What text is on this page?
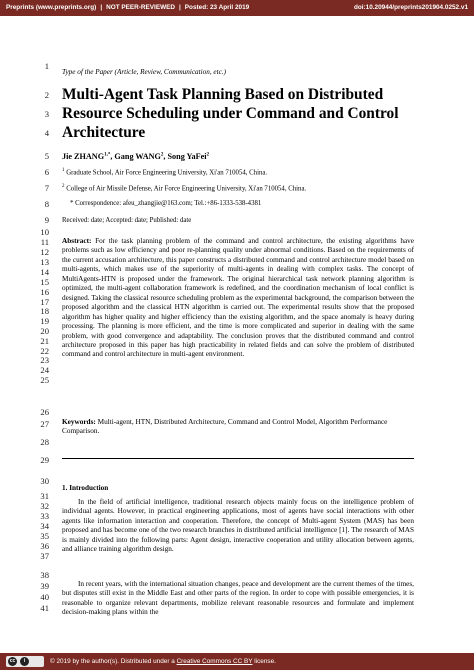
Preprints (www.preprints.org) | NOT PEER-REVIEWED | Posted: 23 April 2019	doi:10.20944/preprints201904.0252.v1
1
2
3
4
5
6
7
8
9
10
11
12
13
14
15
16
17
18
19
20
21
22
23
24
25
26
27
28
29
30
31
32
33
34
35
36
37
38
39
40
41
Type of the Paper (Article, Review, Communication, etc.)
Multi-Agent Task Planning Based on Distributed Resource Scheduling under Command and Control Architecture
Jie $ZHANG^{1,*}$, Gang WANG$^2$, Song YaFei$^2$
$^1$ Graduate School, Air Force Engineering University, Xi'an 710054, China.
$^2$ College of Air Missile Defense, Air Force Engineering University, Xi'an 710054, China.
* Correspondence: afeu_zhangjie@163.com; Tel.:+86-1333-538-4381
Received: date; Accepted: date; Published: date
Abstract: For the task planning problem of the command and control architecture, the existing algorithms have problems such as low efficiency and poor re-planning quality under abnormal conditions. Based on the requirements of the current accusation architecture, this paper constructs a distributed command and control architecture model based on multi-agents, which makes use of the superiority of multi-agents in dealing with complex tasks. The concept of MultiAgents-HTN is proposed under the framework. The original hierarchical task network planning algorithm is optimized, the multi-agent collaboration framework is redefined, and the coordination mechanism of local conflict is designed. Taking the classical resource scheduling problem as the experimental background, the comparison between the proposed algorithm and the classical HTN algorithm is carried out. The experimental results show that the proposed algorithm has higher quality and higher efficiency than the existing algorithm, and the space anomaly is heavy during processing. The planning is more efficient, and the time is more complicated and superior in dealing with the same problem, with good convergence and adaptability. The conclusion proves that the distributed command and control architecture proposed in this paper has high practicability in related fields and can solve the problem of distributed command and control architecture in multi-agent environment.
Keywords: Multi-agent, HTN, Distributed Architecture, Command and Control Model, Algorithm Performance Comparison.
1. Introduction
In the field of artificial intelligence, traditional research objects mainly focus on the intelligence problem of individual agents. However, in practical engineering applications, most of agents have social interactions with other agents like information interaction and cooperation. Therefore, the concept of Multi-agent System (MAS) has been proposed and has become one of the two research branches in distributed artificial intelligence [1]. The research of MAS is mainly divided into the following parts: Agent design, interactive cooperation and utility allocation between agents, and alliance training algorithm design.
In recent years, with the international situation changes, peace and development are the current themes of the times, but disputes still exist in the Middle East and other parts of the region. In order to cope with possible emergencies, it is reasonable to organize relevant departments, mobilize relevant reasonable resources and formulate and implement decision-making plans within the
cc	i	© 2019 by the author(s). Distributed under a Creative Commons CC BY license.
